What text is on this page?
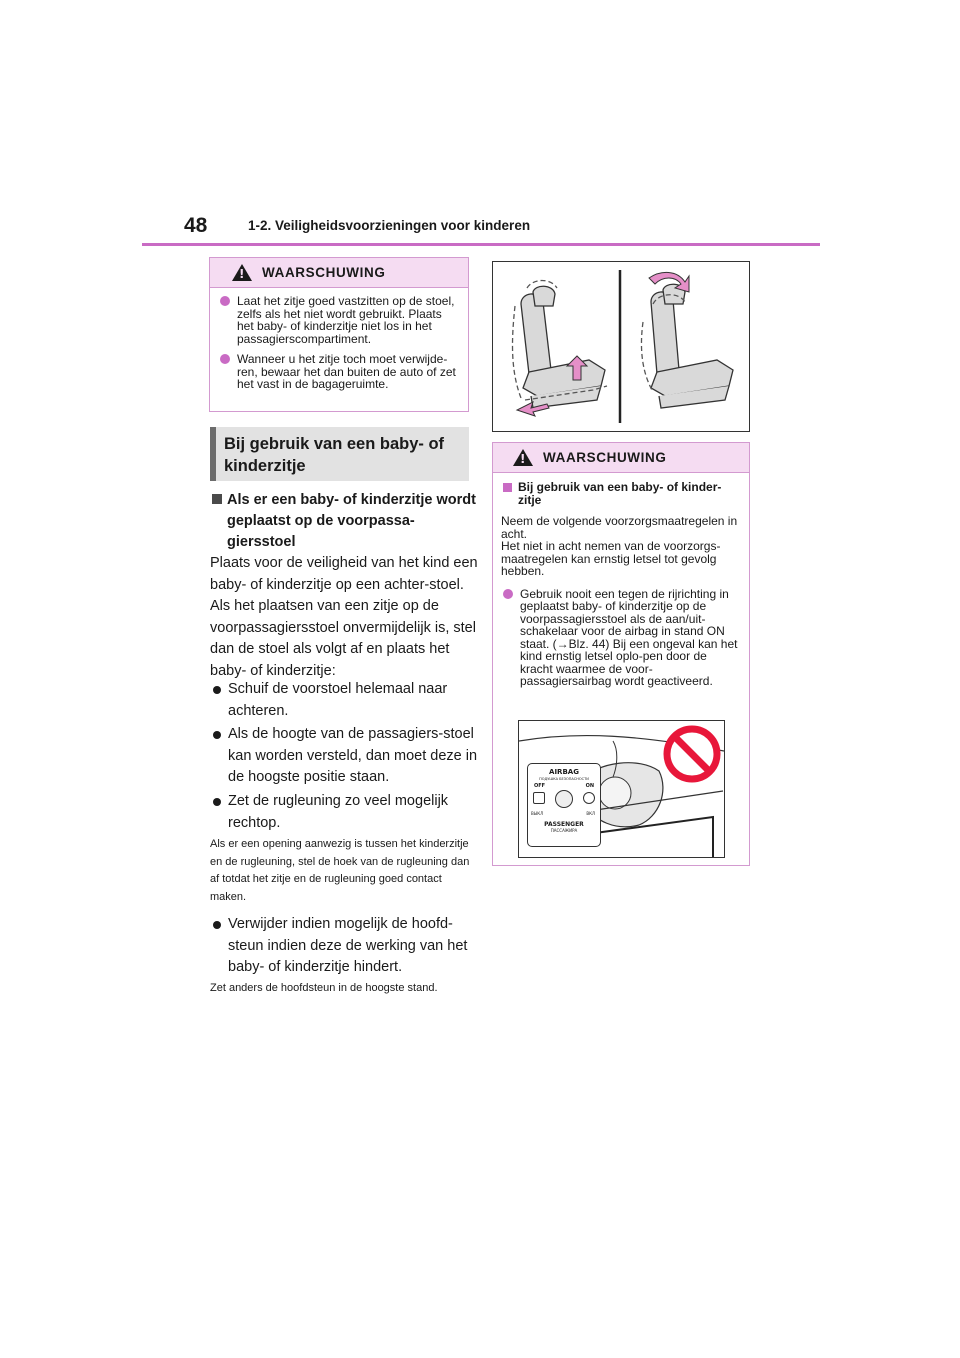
48	1-2. Veiligheidsvoorzieningen voor kinderen
!
WAARSCHUWING
Laat het zitje goed vastzitten op de stoel, zelfs als het niet wordt gebruikt. Plaats het baby- of kinderzitje niet los in het passagierscompartiment.
Wanneer u het zitje toch moet verwijde-ren, bewaar het dan buiten de auto of zet het vast in de bagageruimte.
Bij gebruik van een baby- of kinderzitje
Als er een baby- of kinderzitje wordt geplaatst op de voorpassa-giersstoel
Plaats voor de veiligheid van het kind een baby- of kinderzitje op een achter-stoel. Als het plaatsen van een zitje op de voorpassagiersstoel onvermijdelijk is, stel dan de stoel als volgt af en plaats het baby- of kinderzitje:
Schuif de voorstoel helemaal naar achteren.
Als de hoogte van de passagiers-stoel kan worden versteld, dan moet deze in de hoogste positie staan.
Zet de rugleuning zo veel mogelijk rechtop.
Als er een opening aanwezig is tussen het kinderzitje en de rugleuning, stel de hoek van de rugleuning dan af totdat het zitje en de rugleuning goed contact maken.
Verwijder indien mogelijk de hoofd-steun indien deze de werking van het baby- of kinderzitje hindert.
Zet anders de hoofdsteun in de hoogste stand.
!
WAARSCHUWING
Bij gebruik van een baby- of kinder-zitje
Neem de volgende voorzorgsmaatregelen in acht.
Het niet in acht nemen van de voorzorgs-maatregelen kan ernstig letsel tot gevolg hebben.
Gebruik nooit een tegen de rijrichting in geplaatst baby- of kinderzitje op de voorpassagiersstoel als de aan/uit-schakelaar voor de airbag in stand ON staat. (→Blz. 44) Bij een ongeval kan het kind ernstig letsel oplo-pen door de kracht waarmee de voor-passagiersairbag wordt geactiveerd.
AIRBAG
ПОДУШКА БЕЗОПАСНОСТИ
OFF	ON
ВЫКЛ	ВКЛ
PASSENGER
ПАССАЖИРА
